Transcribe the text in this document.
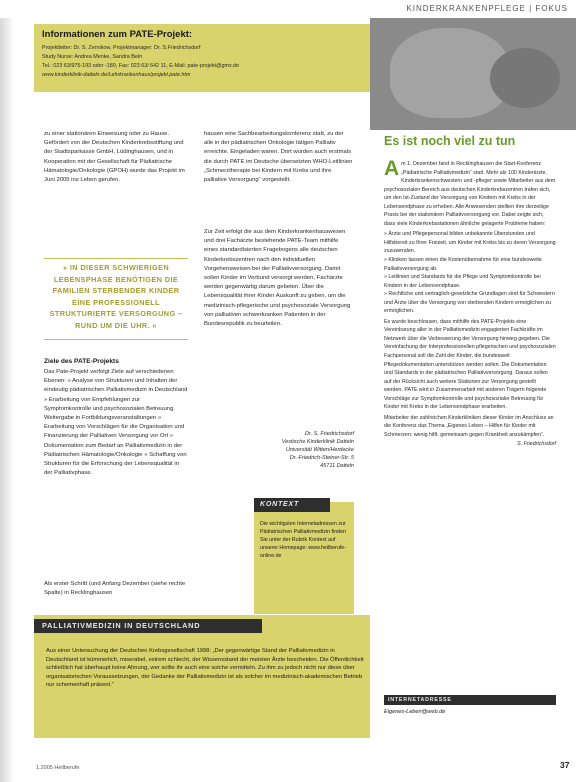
KINDERKRANKENPFLEGE | FOKUS
Informationen zum PATE-Projekt:
Projektleiter: Dr. S. Zernikow, Projektmanager: Dr. S.Friedrichsdorf
Study Nurse: Andrea Menke, Sandra Bein
Tel.: 023 63/975-193 oder -180, Fax: 023 63/ 642 11, E-Mail: pate-projekt@gmx.de
www.kinderklinik-datteln.de/Lehrkrankenhaus/projekt.pate.htm

zu einer stationären Einweisung oder zu Hause. Gefördert von der Deutschen Kinderkrebsstiftung und der Stadtsparkasse GmbH, Lüdinghausen, und in Kooperation mit der Gesellschaft für Pädiatrische Hämatologie/Onkologie (GPOH) wurde das Projekt im Juni 2005 ins Leben gerufen.

» IN DIESER SCHWIERIGEN LEBENSPHASE BENÖTIGEN DIE FAMILIEN STERBENDER KINDER EINE PROFESSIONELL STRUKTURIERTE VERSORGUNG – RUND UM DIE UHR. «
Ziele des PATE-Projekts

Das Pate-Projekt verfolgt Ziele auf verschiedenen Ebenen: » Analyse von Strukturen und Inhalten der eindeutig pädiatrischen Palliativmedizin in Deutschland » Erarbeitung von Empfehlungen zur Symptomkontrolle und psychosozialen Betreuung. Weitergabe in Fortbildungsveranstaltungen » Erarbeitung von Vorschlägen für die Organisation und Finanzierung der Palliativen Versorgung vor Ort » Dokumentation zum Bedarf an Palliativmedizin in der Pädiatrischen Hämatologie/Onkologie » Schaffung von Strukturen für die Erforschung der Lebensqualität in der Palliativphase.

Als erster Schritt (und Anfang Dezember (siehe rechte Spalte) in Recklinghausen

hausen eine Sachbearbeitungskonferenz statt, zu der alle in der pädiatrischen Onkologie tätigen Palliativ erreichte. Eingeladen waren. Dort wurden auch erstmals die durch PATE im Deutsche übersetzten WHO-Leitlinien „Schmerztherapie bei Kindern mit Krebs und ihre palliative Versorgung“ vorgestellt.

Zur Zeit erfolgt die aus dem Kinderkrankenhauswesen und drei Fachärzte bestehende PATE-Team mithilfe eines standardisierten Fragebogens alle deutschen Kinderkrebszentren nach den individuellen Vorgehensweisen bei der Palliativversorgung. Damit sollen Kinder im Verbund versorgt werden, Fachärzte werden gegenwärtig darum gebeten. Über die Lebensqualität ihrer Kinder Auskunft zu geben, um die medizinisch-pflegerische und psychosoziale Versorgung von palliativen schwerkranken Patienten in der Bundesrepublik zu beurteilen.

Dr. S. Friedrichsdorf
Vestische Kinderklinik Datteln
Universität Witten/Herdecke
Dr.-Friedrich-Steiner-Str. 5
45711 Datteln
KONTEXT
Die wichtigsten Internetadressen zur Pädiatrischen Palliativmedizin finden Sie unter der Rubrik Kontext auf unserer Homepage: www.heilberufe-online.de
Es ist noch viel zu tun
A m 1. Dezember fand in Recklinghausen die Start-Konferenz „Pädiatrische Palliativmedizin“ statt. Mehr als 100 Kinderärzte, Kinderkrankenschwestern und -pfleger sowie Mitarbeiter aus dem psychosozialen Bereich aus deutschen Kinderkrebszentren trafen sich, um den Ist-Zustand der Versorgung von Kindern mit Krebs in der Lebensendphase zu erheben. Alle Anwesenden stellten ihre derzeitige Praxis bei der stationären Palliativversorgung vor. Dabei zeigte sich, dass viele Kinderkrebsstationen ähnliche gelagerte Probleme haben:
» Ärzte und Pflegepersonal bilden unbekannte Überstunden und Hilfsbereit zu Ihrer Freizeit, um Kinder mit Krebs bis zu deren Versorgung zuzuwenden.
» Kliniken lassen einen die Kostenübernahme für eine bundesweite Palliativversorgung ab.
» Leitlinien und Standards für die Pflege und Symptomkontrolle bei Kindern in der Lebensendphase.
» Rechtliche und vertraglich-gesetzliche Grundlagen sind für Schwestern und Ärzte über die Versorgung von sterbenden Kindern ermöglichen zu ermöglichen.
Es wurde beschlossen, dass mithilfe des PATE-Projekts eine Vereinbarung aller in der Palliativmedizin engagierten Fachkräfte im Netzwerk über die Verbesserung der Versorgung hinweg gegeben. Die Vereinfachung der Interprofessionellen pflegerischen und psychosozialen Fachpersonal soll die Zahl der Kinder, die bundesweit Pflegedokumentation unterstützen werden sollen. Die Dokumentation und Standards in der pädiatrischen Palliativversorgung. Daraus sollen auf der Rücksicht auch weitere Stationen zur Versorgung gestellt werden. PATE wird in Zusammenarbeit mit anderen Trägern folgende Vorschläge zur Symptomkontrolle und psychosozialer Betreuung für Kinder mit Krebs in der Lebensendphase erarbeiten.
Mitarbeiter der zahlreichen Kinderkliniken dieser Kinder im Anschluss an die Konferenz das Thema „Eigenes Leben – Hilfen für Kinder mit Schmerzen: wenig hilft, gemeinsam gegen Krankheit anzukämpfen“.
S. Friedrichsdorf
PALLIATIVMEDIZIN IN DEUTSCHLAND
Aus einer Untersuchung der Deutschen Krebsgesellschaft 1998: „Der gegenwärtige Stand der Palliativmedizin in Deutschland ist kümmerlich, miserabel, extrem schlecht, der Wissensstand der meisten Ärzte bescheiden. Die Öffentlichkeit schließlich hat überhaupt keine Ahnung, wer sollte ihr auch eine solche vermitteln. Zu ihm zu jedoch nicht nur diese über organisatorischen Voraussetzungen, der Gedanke der Palliativmedizin ist als solcher im medizinisch-akademischen Betrieb nur schemenhaft präsent.“
INTERNETADRESSE
Eigenes-Leben@web.de
1.2005 Heilberufe	37
